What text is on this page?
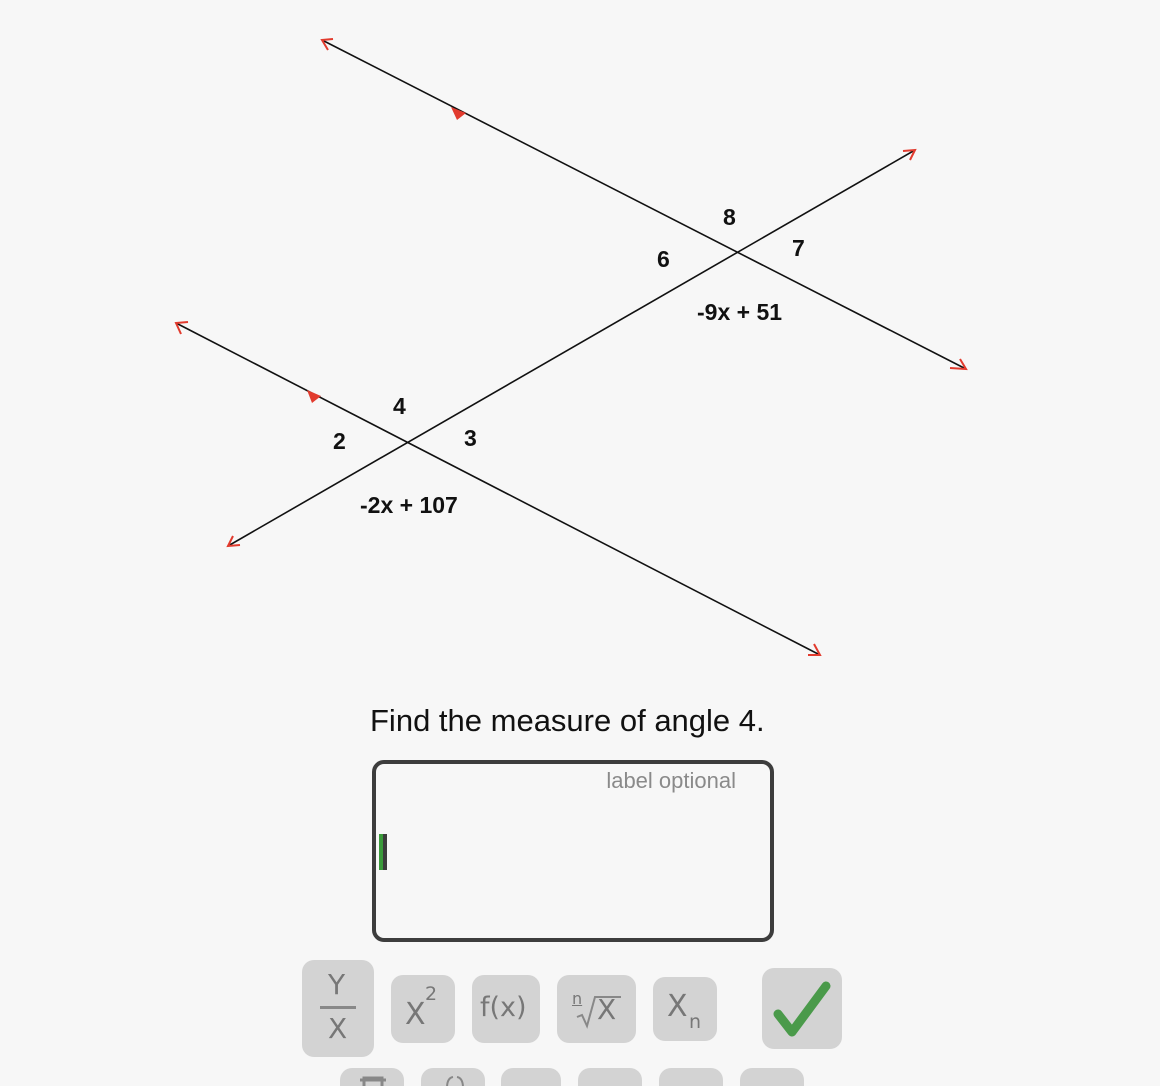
2	3
4
6	7
8
-2x + 107
-9x + 51
Find the measure of angle 4.
label optional
Y
X X
2 f(x)	n X X n
